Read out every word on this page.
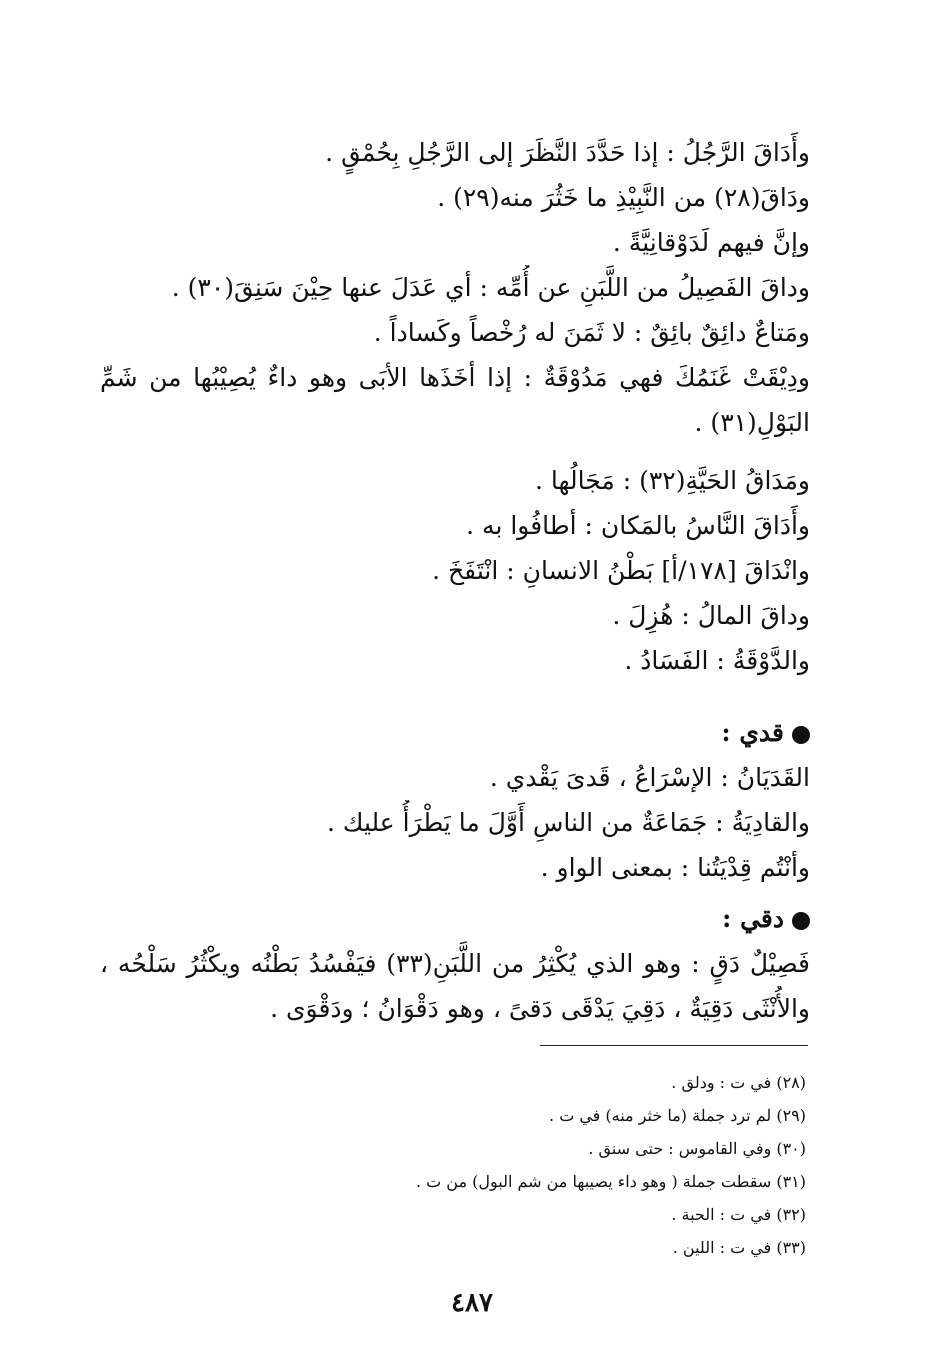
وأَدَاقَ الرَّجُلُ : إذا حَدَّدَ النَّظَرَ إلى الرَّجُلِ بِحُمْقٍ .
ودَاقَ(٢٨) من النَّبِيْذِ ما خَثُرَ منه(٢٩) .
وإنَّ فيهم لَدَوْقانِيَّةً .
وداقَ الفَصِيلُ من اللَّبَنِ عن أُمِّه : أي عَدَلَ عنها حِيْنَ سَنِقَ(٣٠) .
ومَتاعٌ دائِقٌ بائِقٌ : لا ثَمَنَ له رُخْصاً وكَساداً .
ودِيْقَتْ غَنَمُكَ فهي مَدُوْقَةٌ : إذا أخَذَها الأبَى وهو داءٌ يُصِيْبُها من شَمِّ
البَوْلِ(٣١) .
ومَدَاقُ الحَيَّةِ(٣٢) : مَجَالُها .
وأَدَاقَ النَّاسُ بالمَكان : أطافُوا به .
وانْدَاقَ [١٧٨/أ] بَطْنُ الانسانِ : انْتَفَخَ .
وداقَ المالُ : هُزِلَ .
والدَّوْقَةُ : الفَسَادُ .
قدي :
القَدَيَانُ : الإسْرَاعُ ، قَدىَ يَقْدي .
والقادِيَةُ : جَمَاعَةٌ من الناسِ أَوَّلَ ما يَطْرَأُ عليك .
وأنْتُم قِدْيَتُنا : بمعنى الواو .
دقي :
فَصِيْلٌ دَقٍ : وهو الذي يُكْثِرُ من اللَّبَنِ(٣٣) فيَفْسُدُ بَطْنُه ويكْثُرُ سَلْحُه ،
والأُنْثَى دَقِيَةٌ ، دَقِيَ يَدْقَى دَقىً ، وهو دَقْوَانُ ؛ ودَقْوَى .
(٢٨) في ت : ودلق .
(٢٩) لم ترد جملة (ما خثر منه) في ت .
(٣٠) وفي القاموس : حتى سنق .
(٣١) سقطت جملة ( وهو داء يصيبها من شم البول) من ت .
(٣٢) في ت : الحبة .
(٣٣) في ت : اللين .
٤٨٧
